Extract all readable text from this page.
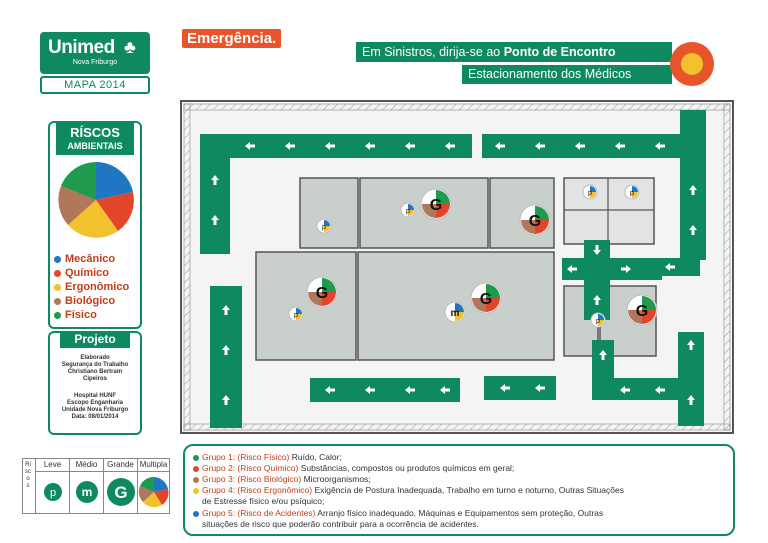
Unimed ♣
Nova Friburgo
MAPA 2014
Emergência.
Em Sinistros, dirija-se ao Ponto de Encontro
Estacionamento dos Médicos
RÍSCOS
AMBIENTAIS
Mecânico
Químico
Ergonômico
Biológico
Físico
Projeto
Elaborado
Segurança do Trabalho
Christiano Bertram
Cipeiros
Hospital HUNF
Escopo Enganharia
Unidade Nova Friburgo
Data: 08/01/2014
Riscos
Leve
p
Médio
m
Grande
G
Multipla
Grupo 1: (Risco Físico) Ruído, Calor;
Grupo 2: (Risco Químico) Substâncias, compostos ou produtos químicos em geral;
Grupo 3: (Risco Biológico) Microorganismos;
Grupo 4: (Risco Ergonômico) Exigência de Postura Inadequada, Trabalho em turno e noturno, Outras Situações
de Estresse físico e/ou psíquico;
Grupo 5: (Risco de Acidentes) Arranjo físico inadequado, Máquinas e Equipamentos sem proteção, Outras
situações de risco que poderão contribuir para a ocorrência de acidentes.
G
G
G	G
G
m
p
p
p
p	p
p
